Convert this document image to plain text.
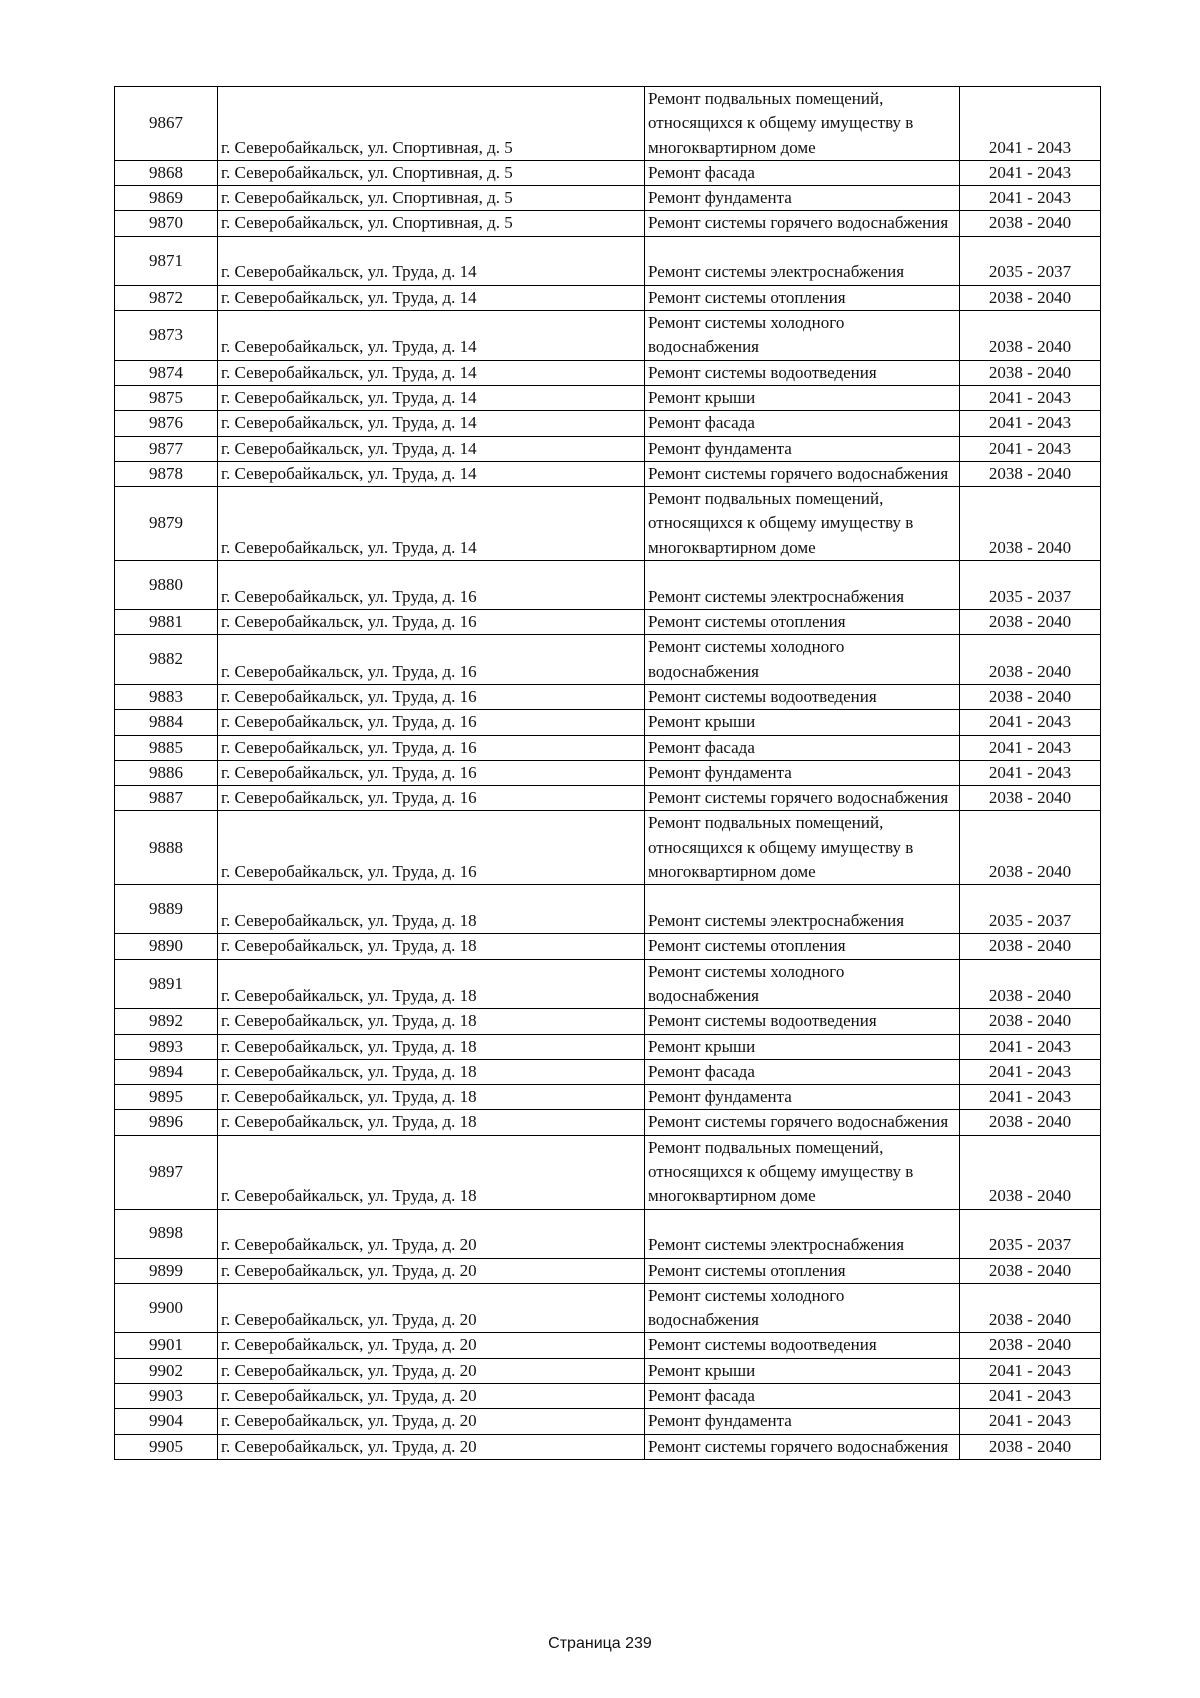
9867	г. Северобайкальск, ул. Спортивная, д. 5	Ремонт подвальных помещений, относящихся к общему имуществу в многоквартирном доме	2041 - 2043
9868	г. Северобайкальск, ул. Спортивная, д. 5	Ремонт фасада	2041 - 2043
9869	г. Северобайкальск, ул. Спортивная, д. 5	Ремонт фундамента	2041 - 2043
9870	г. Северобайкальск, ул. Спортивная, д. 5	Ремонт системы горячего водоснабжения	2038 - 2040
9871	г. Северобайкальск, ул. Труда, д. 14	Ремонт системы электроснабжения	2035 - 2037
9872	г. Северобайкальск, ул. Труда, д. 14	Ремонт системы отопления	2038 - 2040
9873	г. Северобайкальск, ул. Труда, д. 14	Ремонт системы холодного водоснабжения	2038 - 2040
9874	г. Северобайкальск, ул. Труда, д. 14	Ремонт системы водоотведения	2038 - 2040
9875	г. Северобайкальск, ул. Труда, д. 14	Ремонт крыши	2041 - 2043
9876	г. Северобайкальск, ул. Труда, д. 14	Ремонт фасада	2041 - 2043
9877	г. Северобайкальск, ул. Труда, д. 14	Ремонт фундамента	2041 - 2043
9878	г. Северобайкальск, ул. Труда, д. 14	Ремонт системы горячего водоснабжения	2038 - 2040
9879	г. Северобайкальск, ул. Труда, д. 14	Ремонт подвальных помещений, относящихся к общему имуществу в многоквартирном доме	2038 - 2040
9880	г. Северобайкальск, ул. Труда, д. 16	Ремонт системы электроснабжения	2035 - 2037
9881	г. Северобайкальск, ул. Труда, д. 16	Ремонт системы отопления	2038 - 2040
9882	г. Северобайкальск, ул. Труда, д. 16	Ремонт системы холодного водоснабжения	2038 - 2040
9883	г. Северобайкальск, ул. Труда, д. 16	Ремонт системы водоотведения	2038 - 2040
9884	г. Северобайкальск, ул. Труда, д. 16	Ремонт крыши	2041 - 2043
9885	г. Северобайкальск, ул. Труда, д. 16	Ремонт фасада	2041 - 2043
9886	г. Северобайкальск, ул. Труда, д. 16	Ремонт фундамента	2041 - 2043
9887	г. Северобайкальск, ул. Труда, д. 16	Ремонт системы горячего водоснабжения	2038 - 2040
9888	г. Северобайкальск, ул. Труда, д. 16	Ремонт подвальных помещений, относящихся к общему имуществу в многоквартирном доме	2038 - 2040
9889	г. Северобайкальск, ул. Труда, д. 18	Ремонт системы электроснабжения	2035 - 2037
9890	г. Северобайкальск, ул. Труда, д. 18	Ремонт системы отопления	2038 - 2040
9891	г. Северобайкальск, ул. Труда, д. 18	Ремонт системы холодного водоснабжения	2038 - 2040
9892	г. Северобайкальск, ул. Труда, д. 18	Ремонт системы водоотведения	2038 - 2040
9893	г. Северобайкальск, ул. Труда, д. 18	Ремонт крыши	2041 - 2043
9894	г. Северобайкальск, ул. Труда, д. 18	Ремонт фасада	2041 - 2043
9895	г. Северобайкальск, ул. Труда, д. 18	Ремонт фундамента	2041 - 2043
9896	г. Северобайкальск, ул. Труда, д. 18	Ремонт системы горячего водоснабжения	2038 - 2040
9897	г. Северобайкальск, ул. Труда, д. 18	Ремонт подвальных помещений, относящихся к общему имуществу в многоквартирном доме	2038 - 2040
9898	г. Северобайкальск, ул. Труда, д. 20	Ремонт системы электроснабжения	2035 - 2037
9899	г. Северобайкальск, ул. Труда, д. 20	Ремонт системы отопления	2038 - 2040
9900	г. Северобайкальск, ул. Труда, д. 20	Ремонт системы холодного водоснабжения	2038 - 2040
9901	г. Северобайкальск, ул. Труда, д. 20	Ремонт системы водоотведения	2038 - 2040
9902	г. Северобайкальск, ул. Труда, д. 20	Ремонт крыши	2041 - 2043
9903	г. Северобайкальск, ул. Труда, д. 20	Ремонт фасада	2041 - 2043
9904	г. Северобайкальск, ул. Труда, д. 20	Ремонт фундамента	2041 - 2043
9905	г. Северобайкальск, ул. Труда, д. 20	Ремонт системы горячего водоснабжения	2038 - 2040
Страница 239
